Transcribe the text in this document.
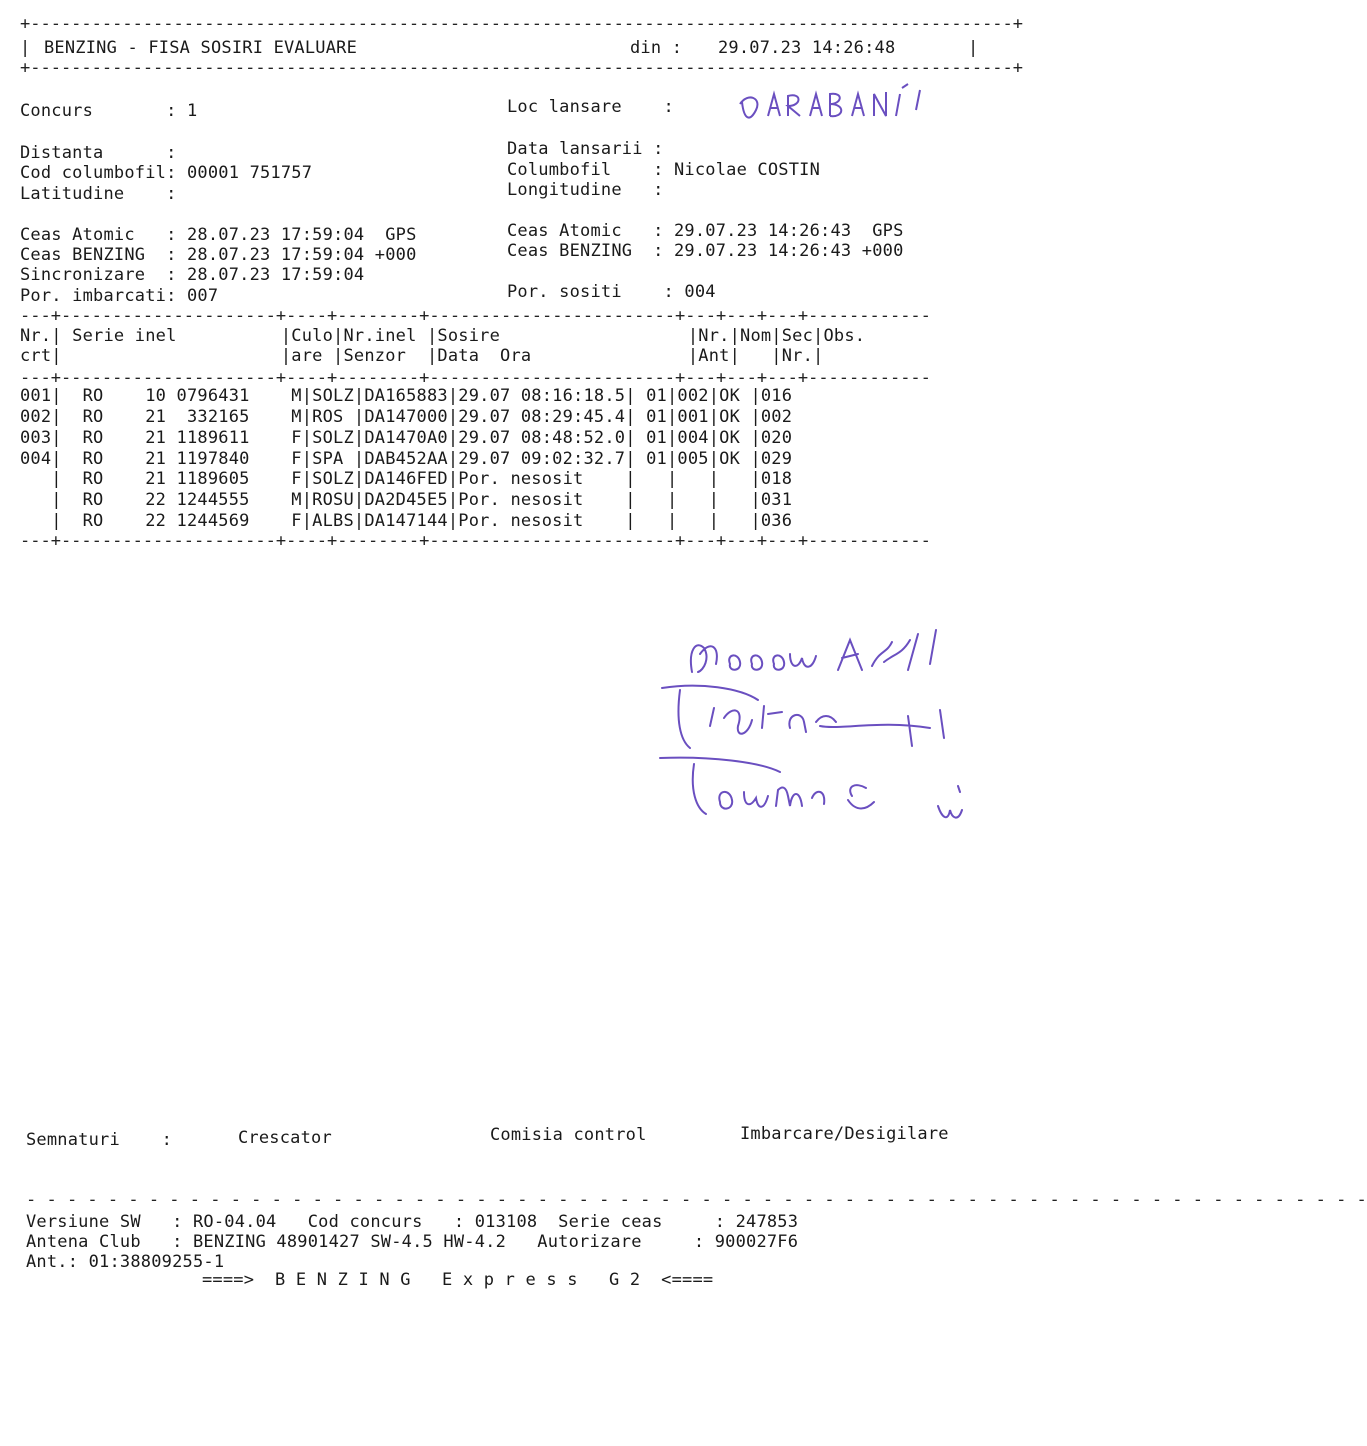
+------------------------------------------------------------------------------------------------+
BENZING - FISA SOSIRI EVALUARE
|	din : 29.07.23 14:26:48	|
+------------------------------------------------------------------------------------------------+
Concurs       : 1	Loc lansare    :
Distanta      :	Data lansarii :
Cod columbofil: 00001 751757	Columbofil    : Nicolae COSTIN
Latitudine    :	Longitudine   :
Ceas Atomic   : 28.07.23 17:59:04  GPS	Ceas Atomic   : 29.07.23 14:26:43  GPS
Ceas BENZING  : 28.07.23 17:59:04 +000	Ceas BENZING  : 29.07.23 14:26:43 +000
Sincronizare  : 28.07.23 17:59:04
Por. imbarcati: 007	Por. sositi    : 004
---+---------------------+----+--------+------------------------+---+---+---+------------
Nr.| Serie inel          |Culo|Nr.inel |Sosire                  |Nr.|Nom|Sec|Obs.
crt|                     |are |Senzor  |Data  Ora               |Ant|   |Nr.|
---+---------------------+----+--------+------------------------+---+---+---+------------
001|  RO    10 0796431    M|SOLZ|DA165883|29.07 08:16:18.5| 01|002|OK |016
002|  RO    21  332165    M|ROS |DA147000|29.07 08:29:45.4| 01|001|OK |002
003|  RO    21 1189611    F|SOLZ|DA1470A0|29.07 08:48:52.0| 01|004|OK |020
004|  RO    21 1197840    F|SPA |DAB452AA|29.07 09:02:32.7| 01|005|OK |029
|  RO    21 1189605    F|SOLZ|DA146FED|Por. nesosit    |   |   |   |018
|  RO    22 1244555    M|ROSU|DA2D45E5|Por. nesosit    |   |   |   |031
|  RO    22 1244569    F|ALBS|DA147144|Por. nesosit    |   |   |   |036
---+---------------------+----+--------+------------------------+---+---+---+------------
Semnaturi    :	Crescator	Comisia control	Imbarcare/Desigilare
- - - - - - - - - - - - - - - - - - - - - - - - - - - - - - - - - - - - - - - - - - - - - - - - - - - - - - - - - - - - - - - - - -
Versiune SW   : RO-04.04   Cod concurs   : 013108  Serie ceas     : 247853
Antena Club   : BENZING 48901427 SW-4.5 HW-4.2   Autorizare     : 900027F6
Ant.: 01:38809255-1
====>  B E N Z I N G   E x p r e s s   G 2  <====
